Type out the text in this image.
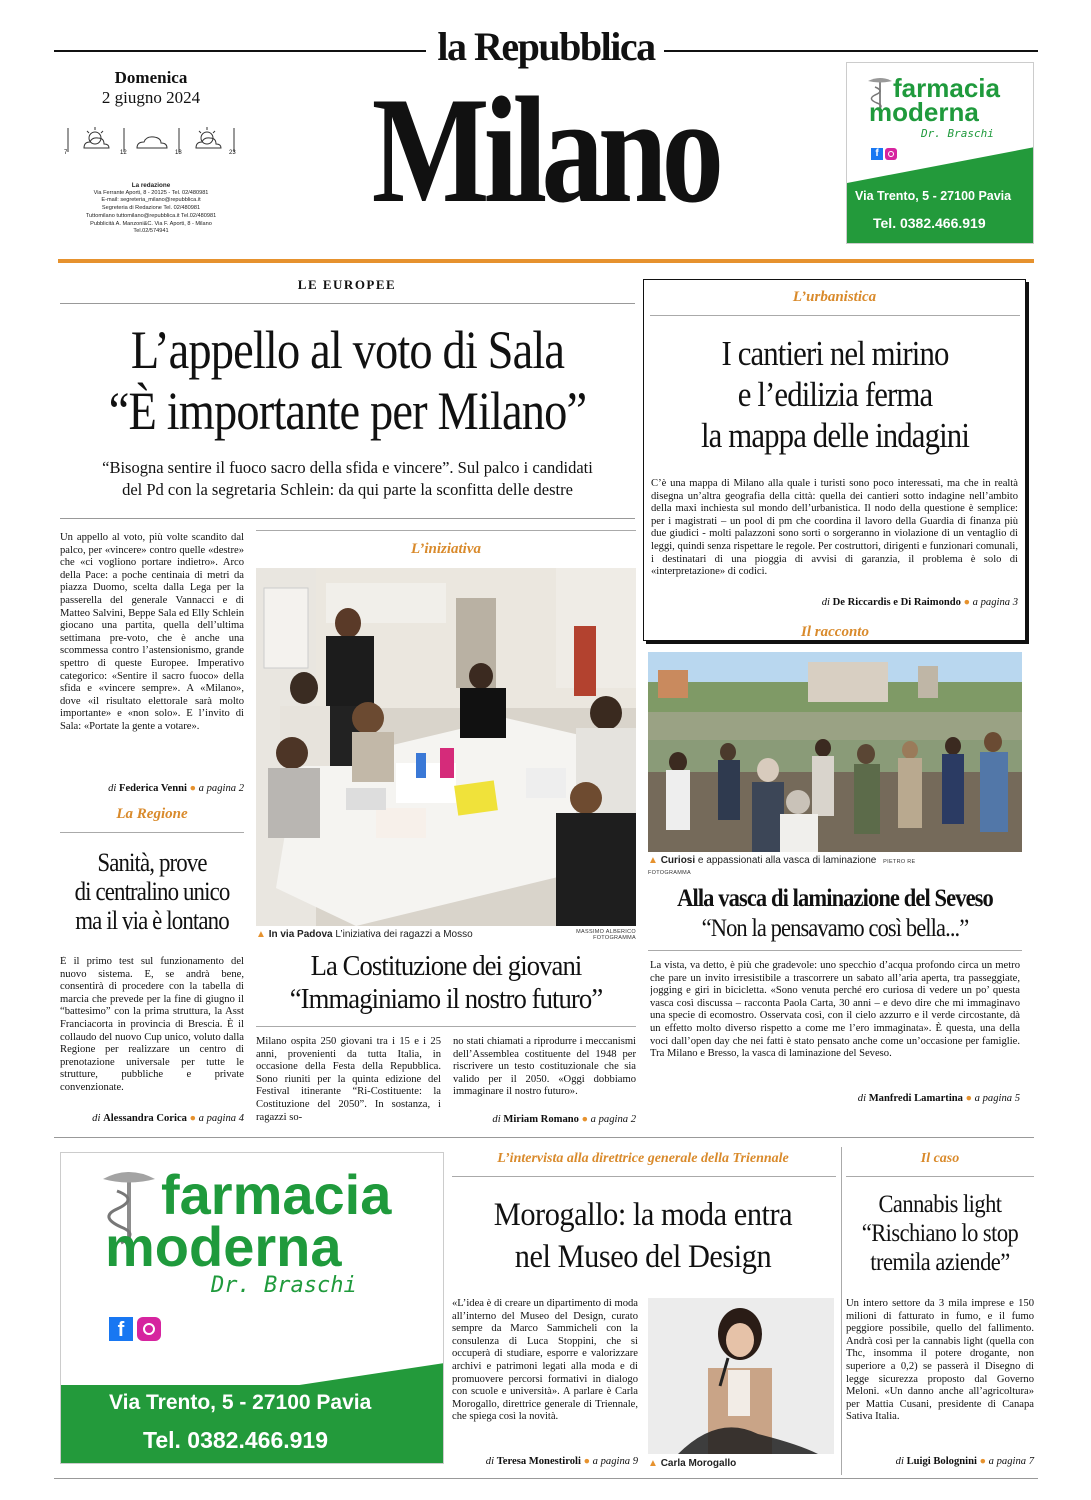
la Repubblica
Milano
Domenica
2 giugno 2024
7	12	18	23
La redazione
Via Ferrante Aporti, 8 - 20125 - Tel. 02/480981
E-mail: segreteria_milano@repubblica.it
Segreteria di Redazione Tel. 02/480981
Tuttomilano tuttomilano@repubblica.it Tel.02/480981
Pubblicità A. Manzoni&C. Via F. Aporti, 8 - Milano
Tel.02/574941
farmacia
moderna
Dr. Braschi
f
Via Trento, 5 - 27100 Pavia
Tel. 0382.466.919
LE EUROPEE
L’appello al voto di Sala
“È importante per Milano”
“Bisogna sentire il fuoco sacro della sfida e vincere”. Sul palco i candidati
del Pd con la segretaria Schlein: da qui parte la sconfitta delle destre
Un appello al voto, più volte scandito dal palco, per «vincere» contro quelle «destre» che «ci vogliono portare indietro». Arco della Pace: a poche centinaia di metri da piazza Duomo, scelta dalla Lega per la passerella del generale Vannacci e di Matteo Salvini, Beppe Sala ed Elly Schlein giocano una partita, quella dell’ultima settimana pre-voto, che è anche una scommessa contro l’astensionismo, grande spettro di queste Europee. Imperativo categorico: «Sentire il sacro fuoco» della sfida e «vincere sempre». A «Milano», dove «il risultato elettorale sarà molto importante» e «non solo». E l’invito di Sala: «Portate la gente a votare».
di Federica Venni ● a pagina 2
La Regione
Sanità, prove
di centralino unico
ma il via è lontano
È il primo test sul funzionamento del nuovo sistema. E, se andrà bene, consentirà di procedere con la tabella di marcia che prevede per la fine di giugno il “battesimo” con la prima struttura, la Asst Franciacorta in provincia di Brescia. È il collaudo del nuovo Cup unico, voluto dalla Regione per realizzare un centro di prenotazione universale per tutte le strutture, pubbliche e private convenzionate.
di Alessandra Corica ● a pagina 4
L’iniziativa
▲ In via Padova L’iniziativa dei ragazzi a Mosso	MASSIMO ALBERICO FOTOGRAMMA
La Costituzione dei giovani
“Immaginiamo il nostro futuro”
Milano ospita 250 giovani tra i 15 e i 25 anni, provenienti da tutta Italia, in occasione della Festa della Repubblica. Sono riuniti per la quinta edizione del Festival itinerante “Ri-Costituente: la Costituzione del 2050”. In sostanza, i ragazzi so-
no stati chiamati a riprodurre i meccanismi dell’Assemblea costituente del 1948 per riscrivere un testo costituzionale che sia valido per il 2050. «Oggi dobbiamo immaginare il nostro futuro».
di Miriam Romano ● a pagina 2
L’urbanistica
I cantieri nel mirino
e l’edilizia ferma
la mappa delle indagini
C’è una mappa di Milano alla quale i turisti sono poco interessati, ma che in realtà disegna un’altra geografia della città: quella dei cantieri sotto indagine nell’ambito della maxi inchiesta sul mondo dell’urbanistica. Il nodo della questione è semplice: per i magistrati – un pool di pm che coordina il lavoro della Guardia di finanza più due giudici - molti palazzoni sono sorti o sorgeranno in violazione di un ventaglio di leggi, quindi senza rispettare le regole. Per costruttori, dirigenti e funzionari comunali, i destinatari di una pioggia di avvisi di garanzia, il problema è solo di «interpretazione» di codici.
di De Riccardis e Di Raimondo ● a pagina 3
Il racconto
▲ Curiosi e appassionati alla vasca di laminazione PIETRO RE FOTOGRAMMA
Alla vasca di laminazione del Seveso
“Non la pensavamo così bella...”
La vista, va detto, è più che gradevole: uno specchio d’acqua profondo circa un metro che pare un invito irresistibile a trascorrere un sabato all’aria aperta, tra passeggiate, jogging e giri in bicicletta. «Sono venuta perché ero curiosa di vedere un po’ questa vasca così discussa – racconta Paola Carta, 30 anni – e devo dire che mi immaginavo una specie di ecomostro. Osservata così, con il cielo azzurro e il verde circostante, dà un effetto molto diverso rispetto a come me l’ero immaginata». È questa, una della voci dall’open day che nei fatti è stato pensato anche come un’occasione per famiglie. Tra Milano e Bresso, la vasca di laminazione del Seveso.
di Manfredi Lamartina ● a pagina 5
farmacia
moderna
Dr. Braschi
f
Via Trento, 5 - 27100 Pavia
Tel. 0382.466.919
L’intervista alla direttrice generale della Triennale
Morogallo: la moda entra
nel Museo del Design
«L’idea è di creare un dipartimento di moda all’interno del Museo del Design, curato sempre da Marco Sammicheli con la consulenza di Luca Stoppini, che si occuperà di studiare, esporre e valorizzare archivi e patrimoni legati alla moda e di promuovere percorsi formativi in dialogo con scuole e università». A parlare è Carla Morogallo, direttrice generale di Triennale, che spiega così la novità.
di Teresa Monestiroli ● a pagina 9 ▲ Carla Morogallo
Il caso
Cannabis light
“Rischiano lo stop
tremila aziende”
Un intero settore da 3 mila imprese e 150 milioni di fatturato in fumo, e il fumo peggiore possibile, quello del fallimento. Andrà così per la cannabis light (quella con Thc, insomma il potere drogante, non superiore a 0,2) se passerà il Disegno di legge sicurezza proposto dal Governo Meloni. «Un danno anche all’agricoltura» per Mattia Cusani, presidente di Canapa Sativa Italia.
di Luigi Bolognini ● a pagina 7
